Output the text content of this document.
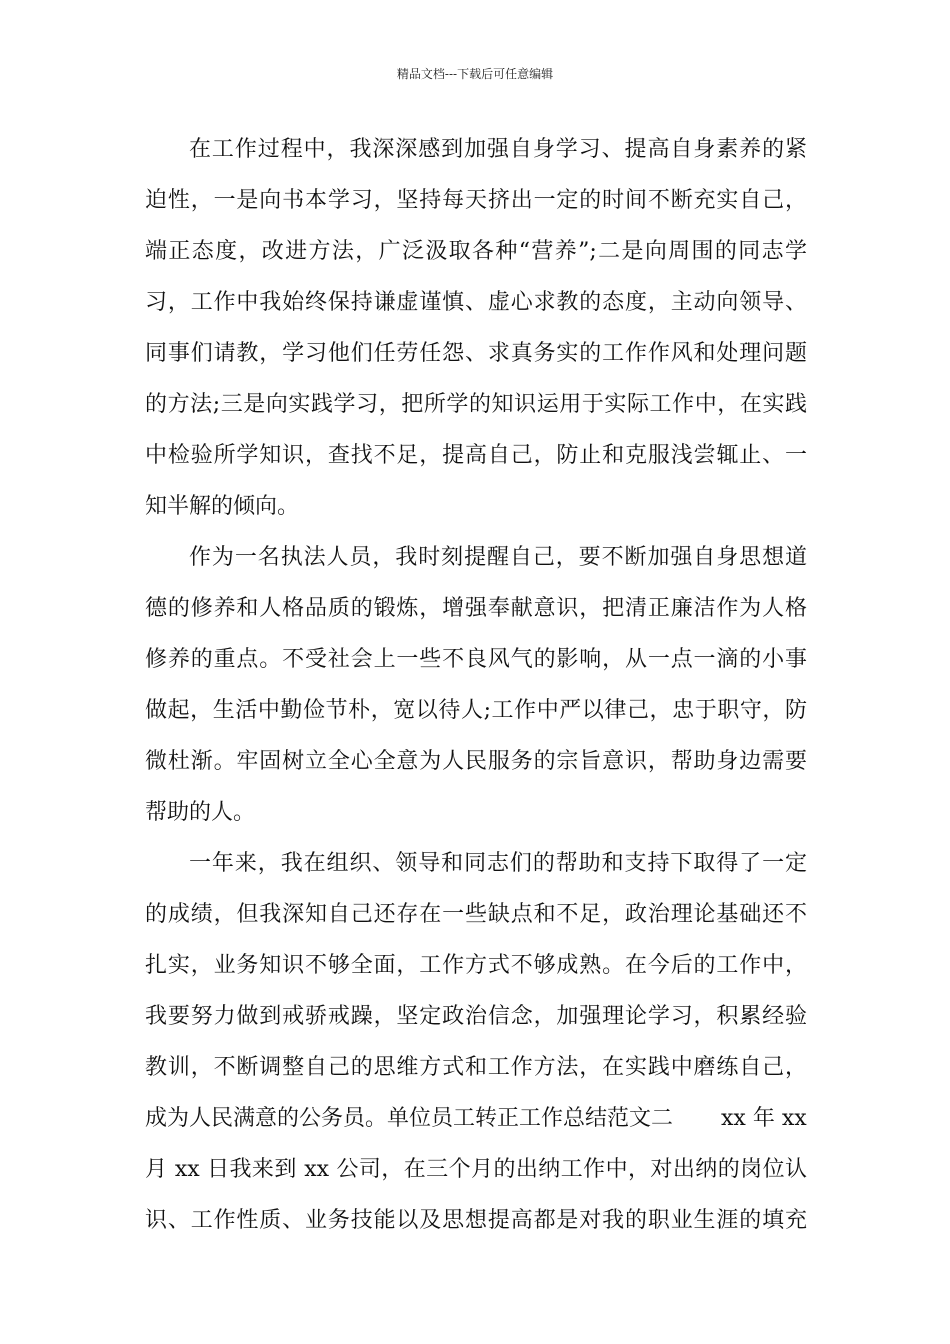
精品文档---下载后可任意编辑
在工作过程中，我深深感到加强自身学习、提高自身素养的紧
迫性，一是向书本学习，坚持每天挤出一定的时间不断充实自己，
端正态度，改进方法，广泛汲取各种“营养”;二是向周围的同志学
习，工作中我始终保持谦虚谨慎、虚心求教的态度，主动向领导、
同事们请教，学习他们任劳任怨、求真务实的工作作风和处理问题
的方法;三是向实践学习，把所学的知识运用于实际工作中，在实践
中检验所学知识，查找不足，提高自己，防止和克服浅尝辄止、一
知半解的倾向。
作为一名执法人员，我时刻提醒自己，要不断加强自身思想道
德的修养和人格品质的锻炼，增强奉献意识，把清正廉洁作为人格
修养的重点。不受社会上一些不良风气的影响，从一点一滴的小事
做起，生活中勤俭节朴，宽以待人;工作中严以律己，忠于职守，防
微杜渐。牢固树立全心全意为人民服务的宗旨意识，帮助身边需要
帮助的人。
一年来，我在组织、领导和同志们的帮助和支持下取得了一定
的成绩，但我深知自己还存在一些缺点和不足，政治理论基础还不
扎实，业务知识不够全面，工作方式不够成熟。在今后的工作中，
我要努力做到戒骄戒躁，坚定政治信念，加强理论学习，积累经验
教训，不断调整自己的思维方式和工作方法，在实践中磨练自己，
成为人民满意的公务员。单位员工转正工作总结范文二 xx 年 xx
月 xx 日我来到 xx 公司，在三个月的出纳工作中，对出纳的岗位认
识、工作性质、业务技能以及思想提高都是对我的职业生涯的填充
